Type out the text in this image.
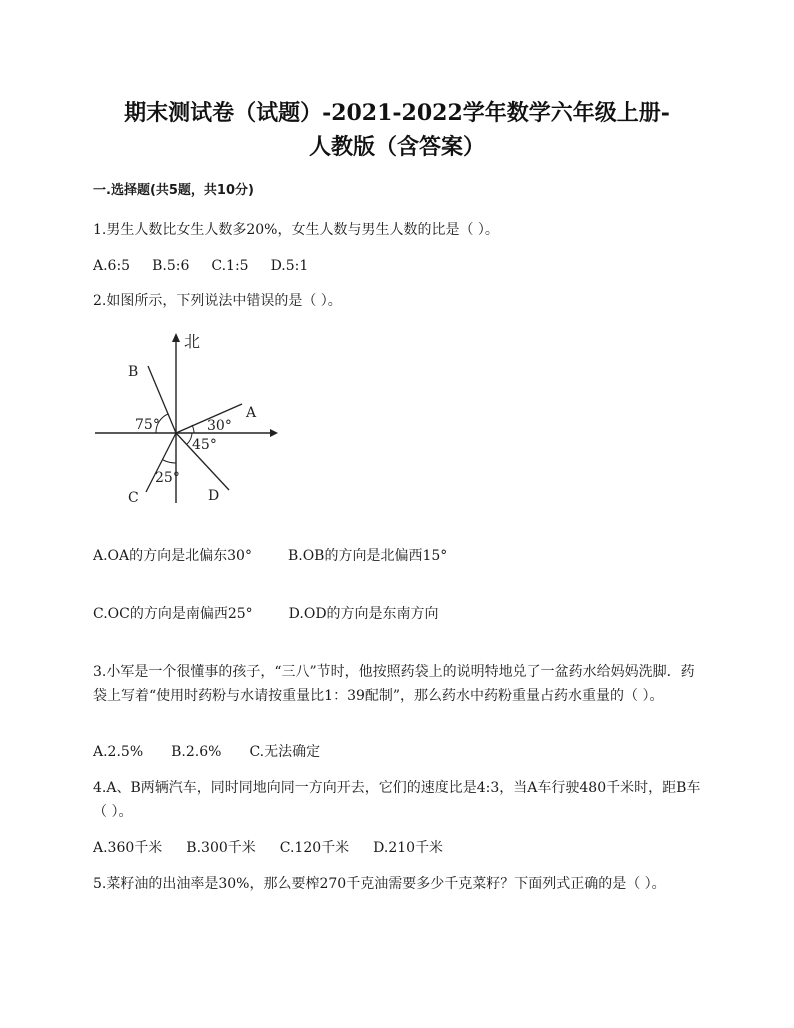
期末测试卷（试题）-2021-2022学年数学六年级上册-
人教版（含答案）
一.选择题(共5题，共10分)
1.男生人数比女生人数多20%，女生人数与男生人数的比是（ ）。
A.6:5 B.5:6 C.1:5 D.5:1
2.如图所示，下列说法中错误的是（ ）。
北
B
A
C	D
75°	30°
45°
25°
A.OA的方向是北偏东30°	B.OB的方向是北偏西15°
C.OC的方向是南偏西25°	D.OD的方向是东南方向
3.小军是一个很懂事的孩子，“三八”节时，他按照药袋上的说明特地兑了一盆药水给妈妈洗脚．药袋上写着“使用时药粉与水请按重量比1：39配制”，那么药水中药粉重量占药水重量的（ ）。
A.2.5% B.2.6% C.无法确定
4.A、B两辆汽车，同时同地向同一方向开去，它们的速度比是4:3，当A车行驶480千米时，距B车（ ）。
A.360千米 B.300千米 C.120千米 D.210千米
5.菜籽油的出油率是30%，那么要榨270千克油需要多少千克菜籽？下面列式正确的是（ ）。
